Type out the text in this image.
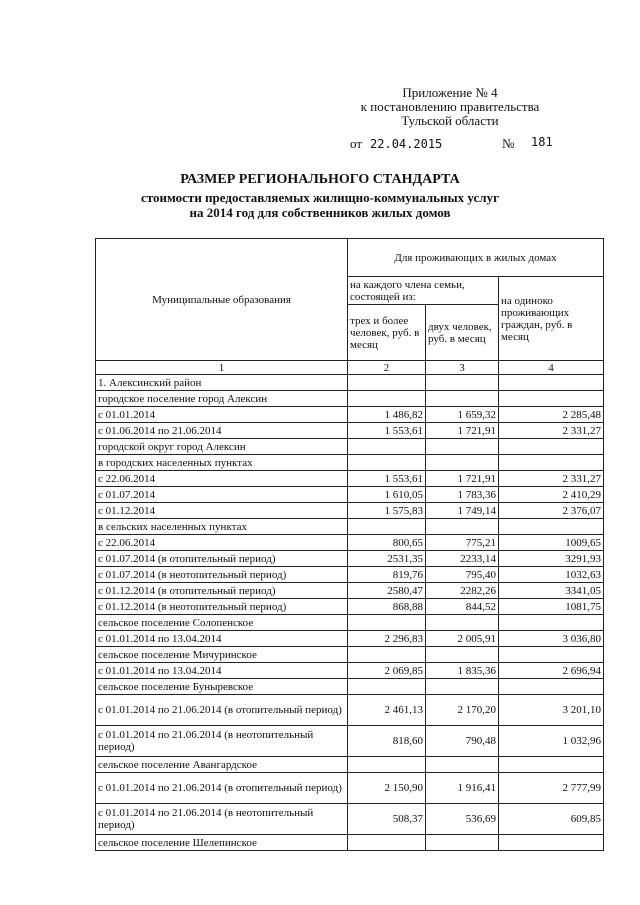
Приложение № 4
к постановлению правительства
Тульской области
от 22.04.2015	№ 181
РАЗМЕР РЕГИОНАЛЬНОГО СТАНДАРТА
стоимости предоставляемых жилищно-коммунальных услуг
на 2014 год для собственников жилых домов
Муниципальные образования	Для проживающих в жилых домах		
	на каждого члена семьи, состоящей из:		на одиноко проживающих граждан, руб. в месяц
	трех и более человек, руб. в месяц	двух человек, руб. в месяц	
1	2	3	4
1. Алексинский район			
городское поселение город Алексин			
с 01.01.2014	1 486,82	1 659,32	2 285,48
с 01.06.2014 по 21.06.2014	1 553,61	1 721,91	2 331,27
городской округ город Алексин			
в городских населенных пунктах			
с 22.06.2014	1 553,61	1 721,91	2 331,27
с 01.07.2014	1 610,05	1 783,36	2 410,29
с 01.12.2014	1 575,83	1 749,14	2 376,07
в сельских населенных пунктах			
с 22.06.2014	800,65	775,21	1009,65
с 01.07.2014 (в отопительный период)	2531,35	2233,14	3291,93
с 01.07.2014 (в неотопительный период)	819,76	795,40	1032,63
с 01.12.2014 (в отопительный период)	2580,47	2282,26	3341,05
с 01.12.2014 (в неотопительный период)	868,88	844,52	1081,75
сельское поселение Солопенское			
с 01.01.2014 по 13.04.2014	2 296,83	2 005,91	3 036,80
сельское поселение Мичуринское			
с 01.01.2014 по 13.04.2014	2 069,85	1 835,36	2 696,94
сельское поселение Буныревское			
с 01.01.2014 по 21.06.2014 (в отопительный период)	2 461,13	2 170,20	3 201,10
с 01.01.2014 по 21.06.2014 (в неотопительный период)	818,60	790,48	1 032,96
сельское поселение Авангардское			
с 01.01.2014 по 21.06.2014 (в отопительный период)	2 150,90	1 916,41	2 777,99
с 01.01.2014 по 21.06.2014 (в неотопительный период)	508,37	536,69	609,85
сельское поселение Шелепинское			
